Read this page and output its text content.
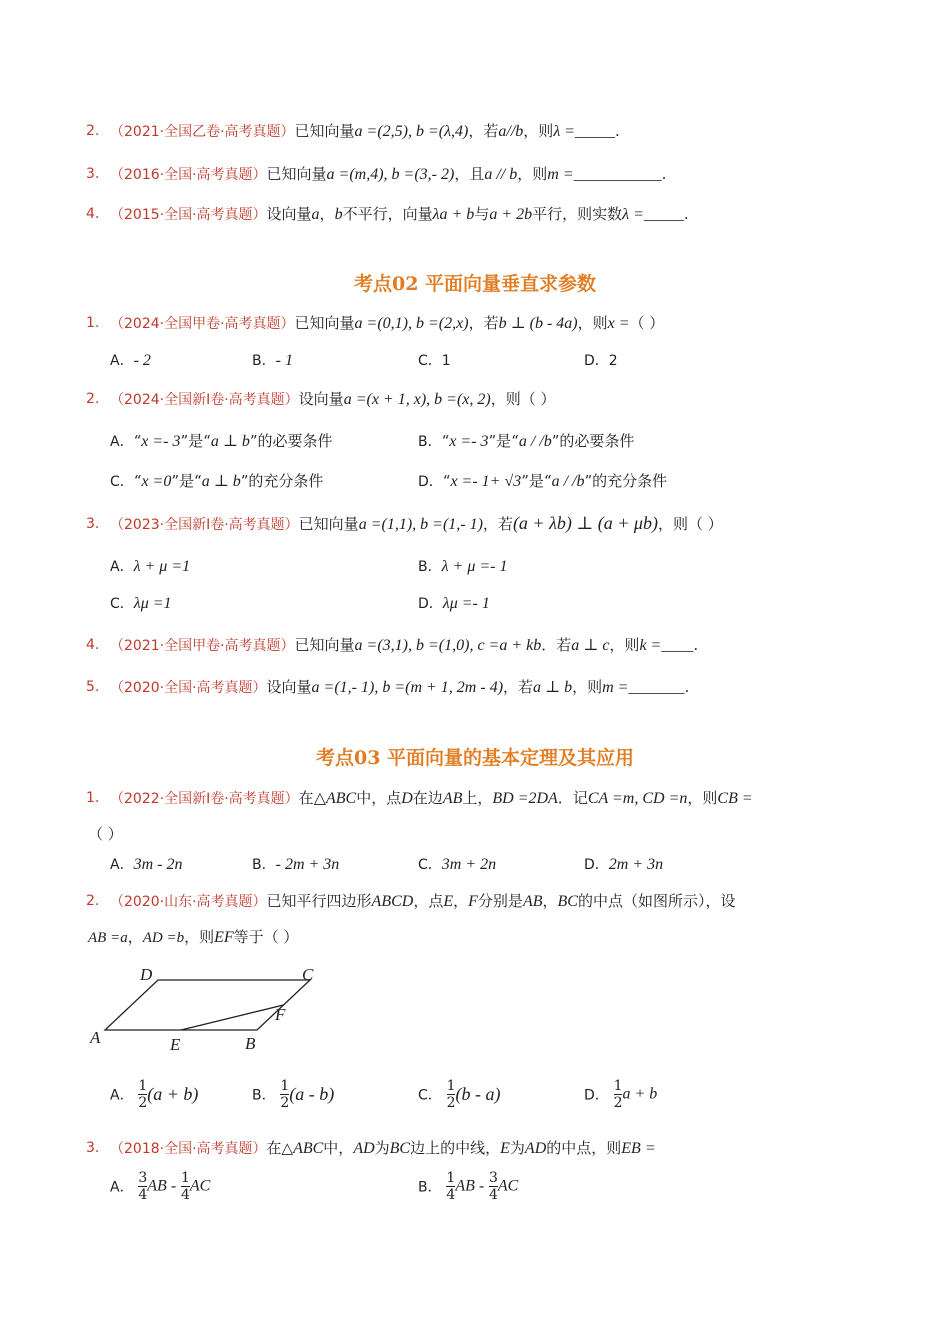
2. （2021·全国乙卷·高考真题）已知向量a =(2,5), b =(λ,4)，若a//b，则λ =_____.
3. （2016·全国·高考真题）已知向量a =(m,4), b =(3,- 2)，且a // b，则m =___________.
4. （2015·全国·高考真题）设向量a，b不平行，向量λa + b与a + 2b平行，则实数λ =_____.
考点02 平面向量垂直求参数
1. （2024·全国甲卷·高考真题）已知向量a =(0,1), b =(2,x)，若b ⊥ (b - 4a)，则x =（ ）
A．- 2	B．- 1	C．1	D．2
2. （2024·全国新Ⅰ卷·高考真题）设向量a =(x + 1, x), b =(x, 2)，则（ ）
A．“x =- 3”是“a ⊥ b”的必要条件	B．“x =- 3”是“a / /b”的必要条件
C．“x =0”是“a ⊥ b”的充分条件	D．“x =- 1+ √3”是“a / /b”的充分条件
3. （2023·全国新Ⅰ卷·高考真题）已知向量a =(1,1), b =(1,- 1)，若(a + λb) ⊥ (a + μb)，则（ ）
A．λ + μ =1	B．λ + μ =- 1
C．λμ =1	D．λμ =- 1
4. （2021·全国甲卷·高考真题）已知向量a =(3,1), b =(1,0), c =a + kb．若a ⊥ c，则k =____.
5. （2020·全国·高考真题）设向量a =(1,- 1), b =(m + 1, 2m - 4)，若a ⊥ b，则m =_______.
考点03 平面向量的基本定理及其应用
1. （2022·全国新Ⅰ卷·高考真题）在△ABC中，点D在边AB上，BD =2DA．记CA =m, CD =n，则CB =
（ ）
A．3m - 2n	B．- 2m + 3n	C．3m + 2n	D．2m + 3n
2. （2020·山东·高考真题）已知平行四边形ABCD，点E，F分别是AB，BC的中点（如图所示），设
AB =a，AD =b，则EF等于（ ）
D	C
F
A	E	B
A． $\frac{1}{2} (a + b)$	B． $\frac{1}{2} (a - b)$	C． $\frac{1}{2} (b - a)$	D． $\frac{1}{2}$ a + b
3. （2018·全国·高考真题）在△ABC中，AD为BC边上的中线，E为AD的中点，则EB =
A． $\frac{3}{4}$ AB - $\frac{1}{4}$ AC	B． $\frac{1}{4}$ AB - $\frac{3}{4}$ AC
